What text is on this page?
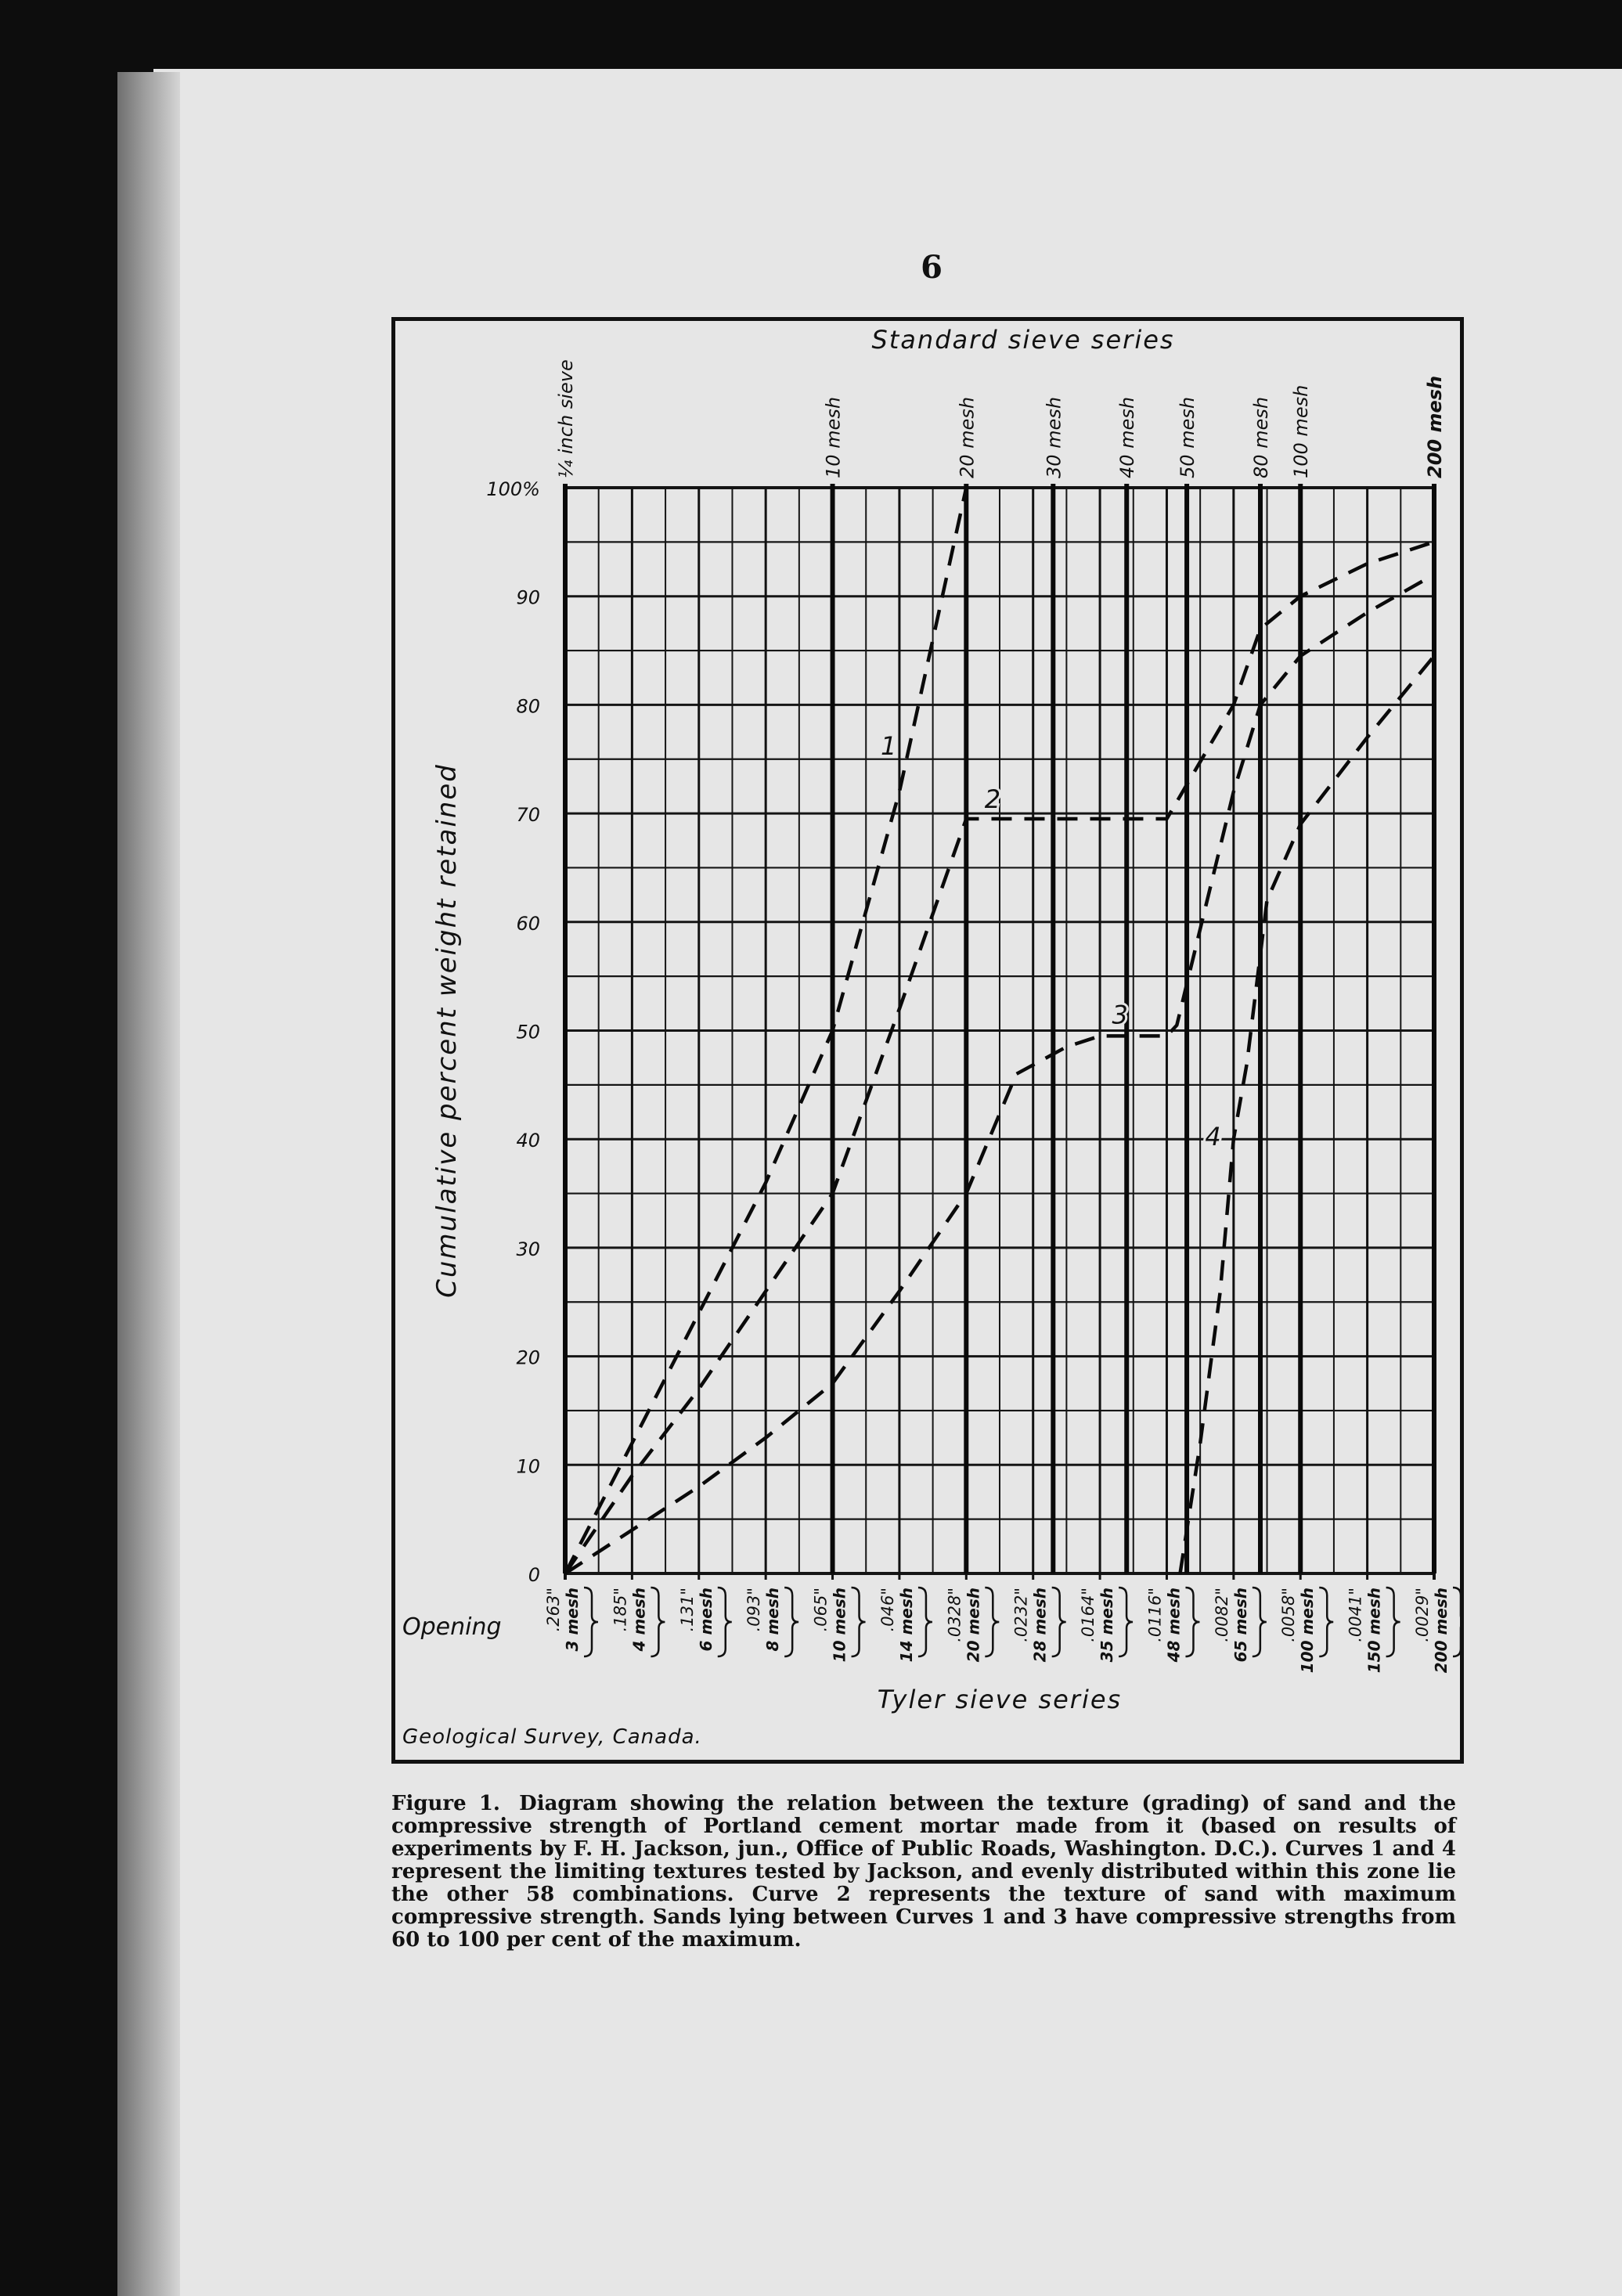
6
0
10
20
30
40
50
60
70
80
90
100%
Cumulative percent weight retained
Standard sieve series
¼ inch sieve	10 mesh	20 mesh	30 mesh	40 mesh 50 mesh	80 mesh 100 mesh	200 mesh
.263" 3 mesh .185" 4 mesh .131" 6 mesh .093" 8 mesh .065" 10 mesh .046" 14 mesh .0328" 20 mesh .0232" 28 mesh .0164" 35 mesh .0116" 48 mesh .0082" 65 mesh .0058" 100 mesh .0041" 150 mesh .0029" 200 mesh
Tyler sieve series
Opening
Geological Survey, Canada.
1
2
3
4
Figure 1. Diagram showing the relation between the texture (grading) of sand and the compressive strength of Portland cement mortar made from it (based on results of experiments by F. H. Jackson, jun., Office of Public Roads, Washington. D.C.). Curves 1 and 4 represent the limiting textures tested by Jackson, and evenly distributed within this zone lie the other 58 combinations. Curve 2 represents the texture of sand with maximum compressive strength. Sands lying between Curves 1 and 3 have compressive strengths from 60 to 100 per cent of the maximum.
